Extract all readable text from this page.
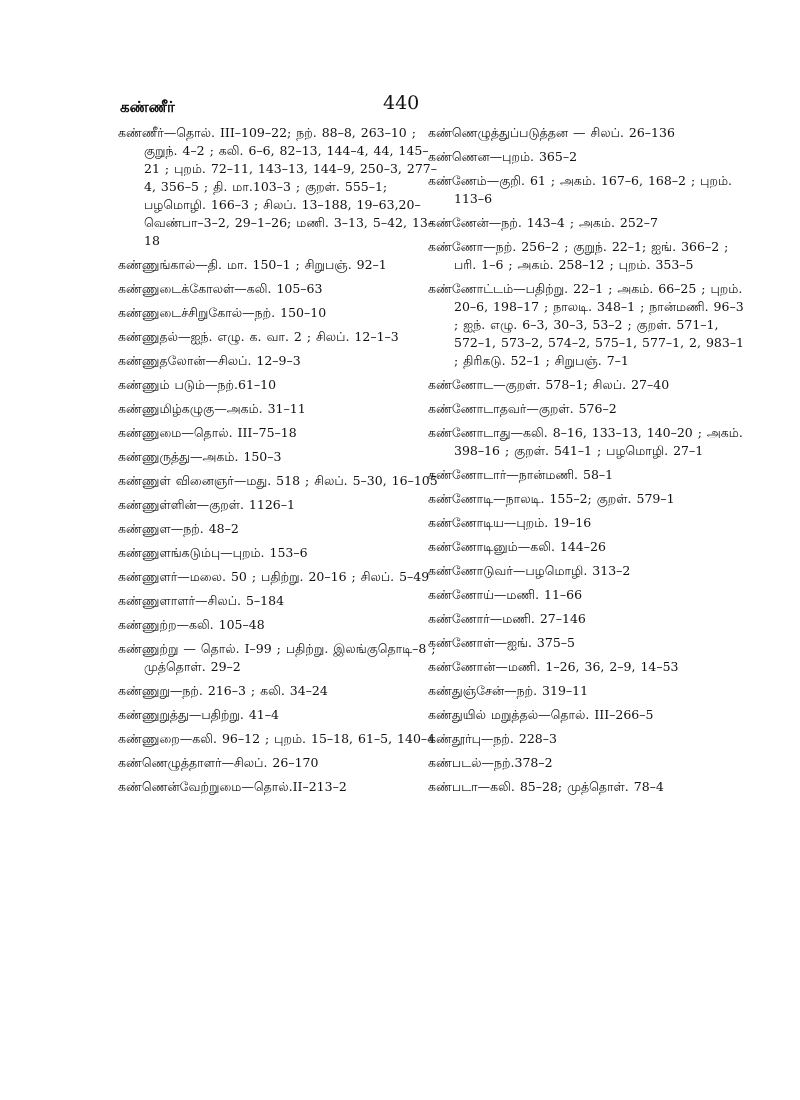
கண்ணீர்	440
கண்ணீர்—தொல். III–109–22; நற். 88–8, 263–10 ; குறுந். 4–2 ; கலி. 6–6, 82–13, 144–4, 44, 145–21 ; புறம். 72–11, 143–13, 144–9, 250–3, 277–4, 356–5 ; தி. மா.103–3 ; குறள். 555–1; பழமொழி. 166–3 ; சிலப். 13–188, 19–63,20–வெண்பா–3–2, 29–1–26; மணி. 3–13, 5–42, 13–18
கண்ணுங்கால்—தி. மா. 150–1 ; சிறுபஞ். 92–1
கண்ணுடைக்கோலள்—கலி. 105–63
கண்ணுடைச்சிறுகோல்—நற். 150–10
கண்ணுதல்—ஐந். எழு. க. வா. 2 ; சிலப். 12–1–3
கண்ணுதலோன்—சிலப். 12–9–3
கண்ணும் படும்—நற்.61–10
கண்ணுமிழ்கழுகு—அகம். 31–11
கண்ணுமை—தொல். III–75–18
கண்ணுருத்து—அகம். 150–3
கண்ணுள் வினைஞர்—மது. 518 ; சிலப். 5–30, 16–105
கண்ணுள்ளின்—குறள். 1126–1
கண்ணுள—நற். 48–2
கண்ணுளங்கடும்பு—புறம். 153–6
கண்ணுளர்—மலை. 50 ; பதிற்று. 20–16 ; சிலப். 5–49
கண்ணுளாளர்—சிலப். 5–184
கண்ணுற்ற—கலி. 105–48
கண்ணுற்று — தொல். I–99 ; பதிற்று. இலங்குதொடி–8 ; முத்தொள். 29–2
கண்ணுறு—நற். 216–3 ; கலி. 34–24
கண்ணுறுத்து—பதிற்று. 41–4
கண்ணுறை—கலி. 96–12 ; புறம். 15–18, 61–5, 140–4
கண்ணெழுத்தாளர்—சிலப். 26–170
கண்ணென்வேற்றுமை—தொல்.II–213–2
கண்ணெழுத்துப்படுத்தன — சிலப். 26–136
கண்ணென—புறம். 365–2
கண்ணேம்—குறி. 61 ; அகம். 167–6, 168–2 ; புறம். 113–6
கண்ணேன்—நற். 143–4 ; அகம். 252–7
கண்ணோ—நற். 256–2 ; குறுந். 22–1; ஐங். 366–2 ; பரி. 1–6 ; அகம். 258–12 ; புறம். 353–5
கண்ணோட்டம்—பதிற்று. 22–1 ; அகம். 66–25 ; புறம். 20–6, 198–17 ; நாலடி. 348–1 ; நான்மணி. 96–3 ; ஐந். எழு. 6–3, 30–3, 53–2 ; குறள். 571–1, 572–1, 573–2, 574–2, 575–1, 577–1, 2, 983–1 ; திரிகடு. 52–1 ; சிறுபஞ். 7–1
கண்ணோட—குறள். 578–1; சிலப். 27–40
கண்ணோடாதவர்—குறள். 576–2
கண்ணோடாது—கலி. 8–16, 133–13, 140–20 ; அகம். 398–16 ; குறள். 541–1 ; பழமொழி. 27–1
கண்ணோடார்—நான்மணி. 58–1
கண்ணோடி—நாலடி. 155–2; குறள். 579–1
கண்ணோடிய—புறம். 19–16
கண்ணோடினும்—கலி. 144–26
கண்ணோடுவர்—பழமொழி. 313–2
கண்ணோய்—மணி. 11–66
கண்ணோர்—மணி. 27–146
கண்ணோள்—ஐங். 375–5
கண்ணோன்—மணி. 1–26, 36, 2–9, 14–53
கண்துஞ்சேன்—நற். 319–11
கண்துயில் மறுத்தல்—தொல். III–266–5
கண்தூர்பு—நற். 228–3
கண்படல்—நற்.378–2
கண்படா—கலி. 85–28; முத்தொள். 78–4
